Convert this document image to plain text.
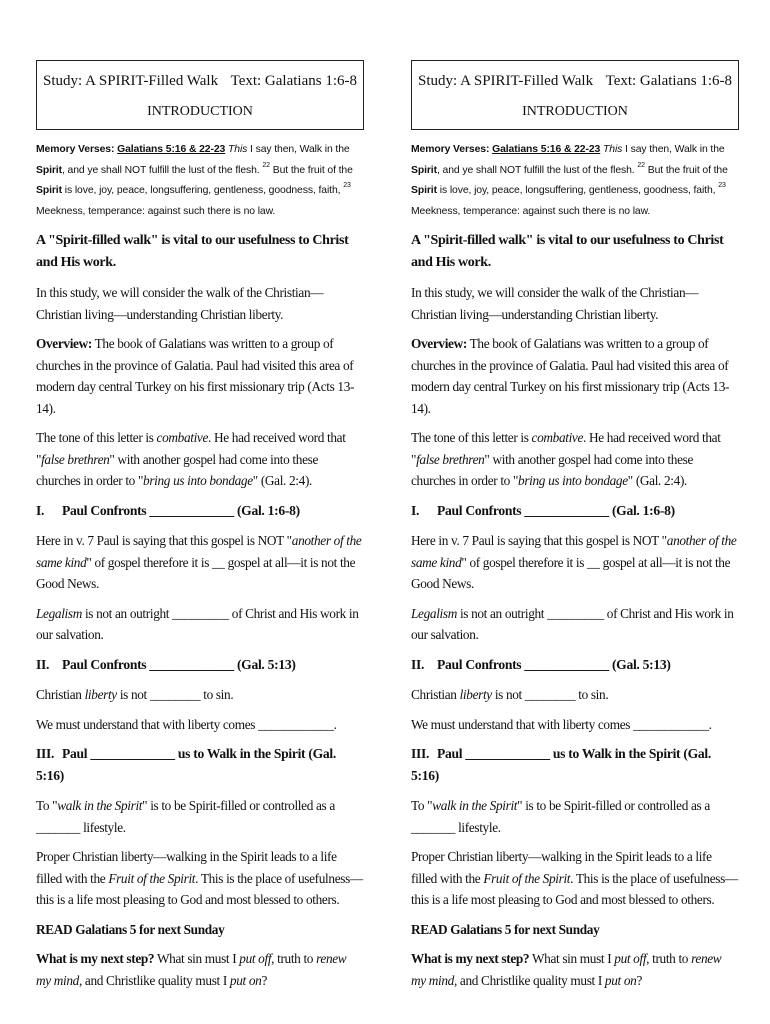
Study: A SPIRIT-Filled Walk Text: Galatians 1:6-8
INTRODUCTION
Memory Verses: Galatians 5:16 & 22-23 This I say then, Walk in the Spirit, and ye shall NOT fulfill the lust of the flesh. $^{22}$ But the fruit of the Spirit is love, joy, peace, longsuffering, gentleness, goodness, faith, $^{23}$ Meekness, temperance: against such there is no law.

A "Spirit-filled walk" is vital to our usefulness to Christ and His work.

In this study, we will consider the walk of the Christian—Christian living—understanding Christian liberty.

Overview: The book of Galatians was written to a group of churches in the province of Galatia. Paul had visited this area of modern day central Turkey on his first missionary trip (Acts 13-14).

The tone of this letter is combative. He had received word that "false brethren" with another gospel had come into these churches in order to "bring us into bondage" (Gal. 2:4).

I. Paul Confronts _____________ (Gal. 1:6-8)

Here in v. 7 Paul is saying that this gospel is NOT "another of the same kind" of gospel therefore it is __ gospel at all—it is not the Good News.

Legalism is not an outright _________ of Christ and His work in our salvation.

II. Paul Confronts _____________ (Gal. 5:13)

Christian liberty is not ________ to sin.

We must understand that with liberty comes ____________.

III. Paul _____________ us to Walk in the Spirit (Gal. 5:16)

To "walk in the Spirit" is to be Spirit-filled or controlled as a _______ lifestyle.

Proper Christian liberty—walking in the Spirit leads to a life filled with the Fruit of the Spirit. This is the place of usefulness—this is a life most pleasing to God and most blessed to others.

READ Galatians 5 for next Sunday

What is my next step? What sin must I put off, truth to renew my mind, and Christlike quality must I put on?

Study: A SPIRIT-Filled Walk Text: Galatians 1:6-8
INTRODUCTION
Memory Verses: Galatians 5:16 & 22-23 This I say then, Walk in the Spirit, and ye shall NOT fulfill the lust of the flesh. $^{22}$ But the fruit of the Spirit is love, joy, peace, longsuffering, gentleness, goodness, faith, $^{23}$ Meekness, temperance: against such there is no law.

A "Spirit-filled walk" is vital to our usefulness to Christ and His work.

In this study, we will consider the walk of the Christian—Christian living—understanding Christian liberty.

Overview: The book of Galatians was written to a group of churches in the province of Galatia. Paul had visited this area of modern day central Turkey on his first missionary trip (Acts 13-14).

The tone of this letter is combative. He had received word that "false brethren" with another gospel had come into these churches in order to "bring us into bondage" (Gal. 2:4).

I. Paul Confronts _____________ (Gal. 1:6-8)

Here in v. 7 Paul is saying that this gospel is NOT "another of the same kind" of gospel therefore it is __ gospel at all—it is not the Good News.

Legalism is not an outright _________ of Christ and His work in our salvation.

II. Paul Confronts _____________ (Gal. 5:13)

Christian liberty is not ________ to sin.

We must understand that with liberty comes ____________.

III. Paul _____________ us to Walk in the Spirit (Gal. 5:16)

To "walk in the Spirit" is to be Spirit-filled or controlled as a _______ lifestyle.

Proper Christian liberty—walking in the Spirit leads to a life filled with the Fruit of the Spirit. This is the place of usefulness—this is a life most pleasing to God and most blessed to others.

READ Galatians 5 for next Sunday

What is my next step? What sin must I put off, truth to renew my mind, and Christlike quality must I put on?
